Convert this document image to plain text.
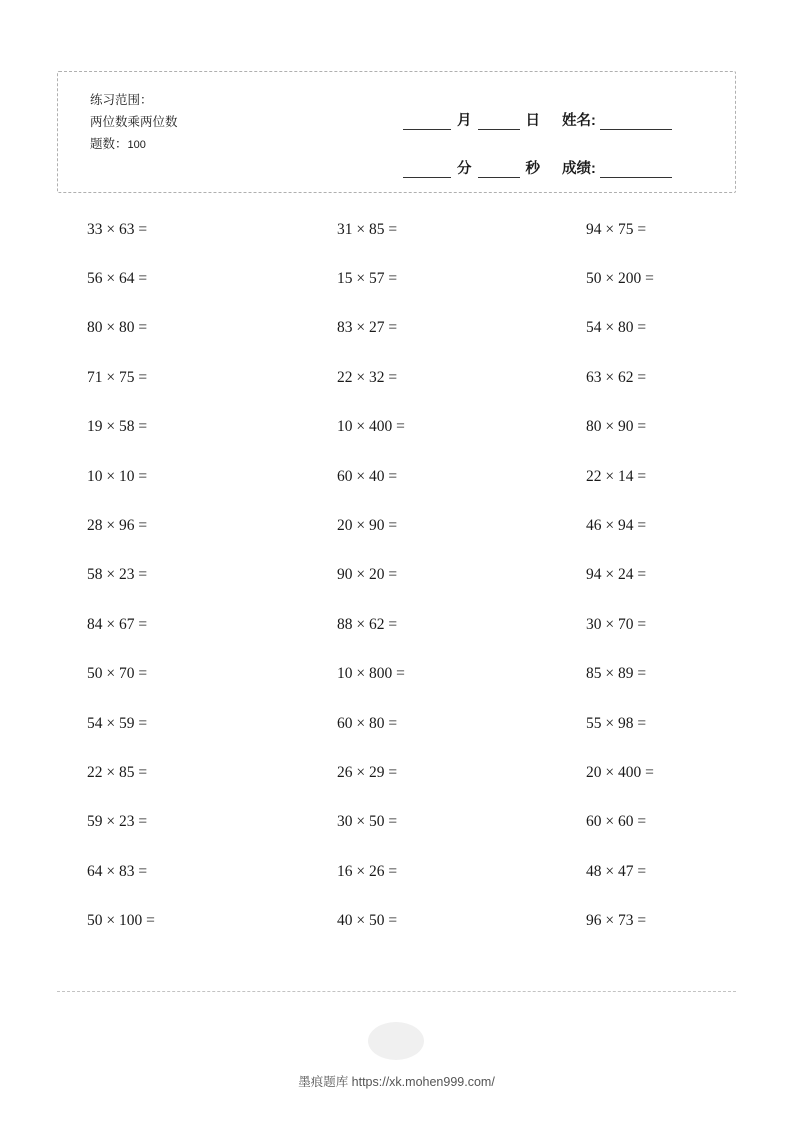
练习范围：
两位数乘两位数
题数：100
月	日	姓名:
分	秒	成绩:
33 × 63 =	31 × 85 =	94 × 75 =
56 × 64 =	15 × 57 =	50 × 200 =
80 × 80 =	83 × 27 =	54 × 80 =
71 × 75 =	22 × 32 =	63 × 62 =
19 × 58 =	10 × 400 =	80 × 90 =
10 × 10 =	60 × 40 =	22 × 14 =
28 × 96 =	20 × 90 =	46 × 94 =
58 × 23 =	90 × 20 =	94 × 24 =
84 × 67 =	88 × 62 =	30 × 70 =
50 × 70 =	10 × 800 =	85 × 89 =
54 × 59 =	60 × 80 =	55 × 98 =
22 × 85 =	26 × 29 =	20 × 400 =
59 × 23 =	30 × 50 =	60 × 60 =
64 × 83 =	16 × 26 =	48 × 47 =
50 × 100 =	40 × 50 =	96 × 73 =
墨痕题库 https://xk.mohen999.com/
